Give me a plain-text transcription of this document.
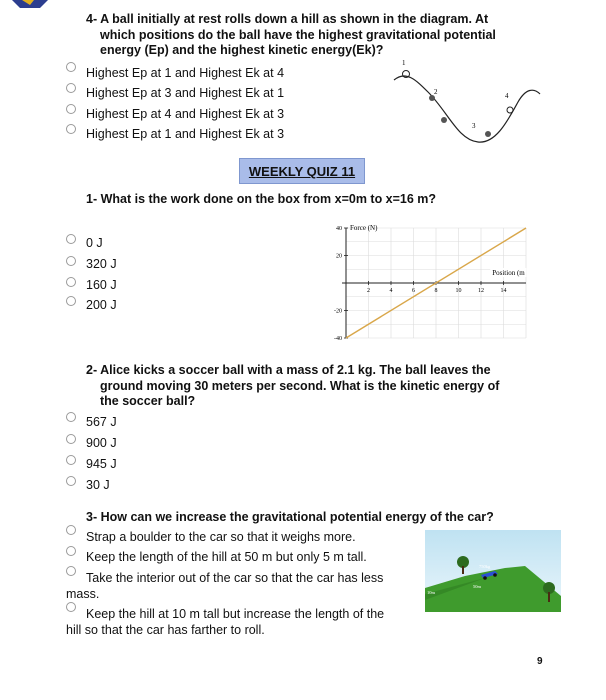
4- A ball initially at rest rolls down a hill as shown in the diagram. At
which positions do the ball have the highest gravitational potential
energy (Ep) and the highest kinetic energy(Ek)?
Highest Ep at 1 and Highest Ek at 4
Highest Ep at 3 and Highest Ek at 1
Highest Ep at 4 and Highest Ek at 3
Highest Ep at 1 and Highest Ek at 3
1
2
3
4
WEEKLY QUIZ 11
1- What is the work done on the box from x=0m to x=16 m?
0 J
320 J
160 J
200 J
2	4	6	8	10	12	14
40
20
-20
-40
Force (N)
Position (m
2- Alice kicks a soccer ball with a mass of 2.1 kg. The ball leaves the
ground moving 30 meters per second. What is the kinetic energy of
the soccer ball?
567 J
900 J
945 J
30 J
3- How can we increase the gravitational potential energy of the car?
Strap a boulder to the car so that it weighs more.
Keep the length of the hill at 50 m but only 5 m tall.
Take the interior out of the car so that the car has less
mass.
Keep the hill at 10 m tall but increase the length of the
hill so that the car has farther to roll.
750kg
10m
50m
9
